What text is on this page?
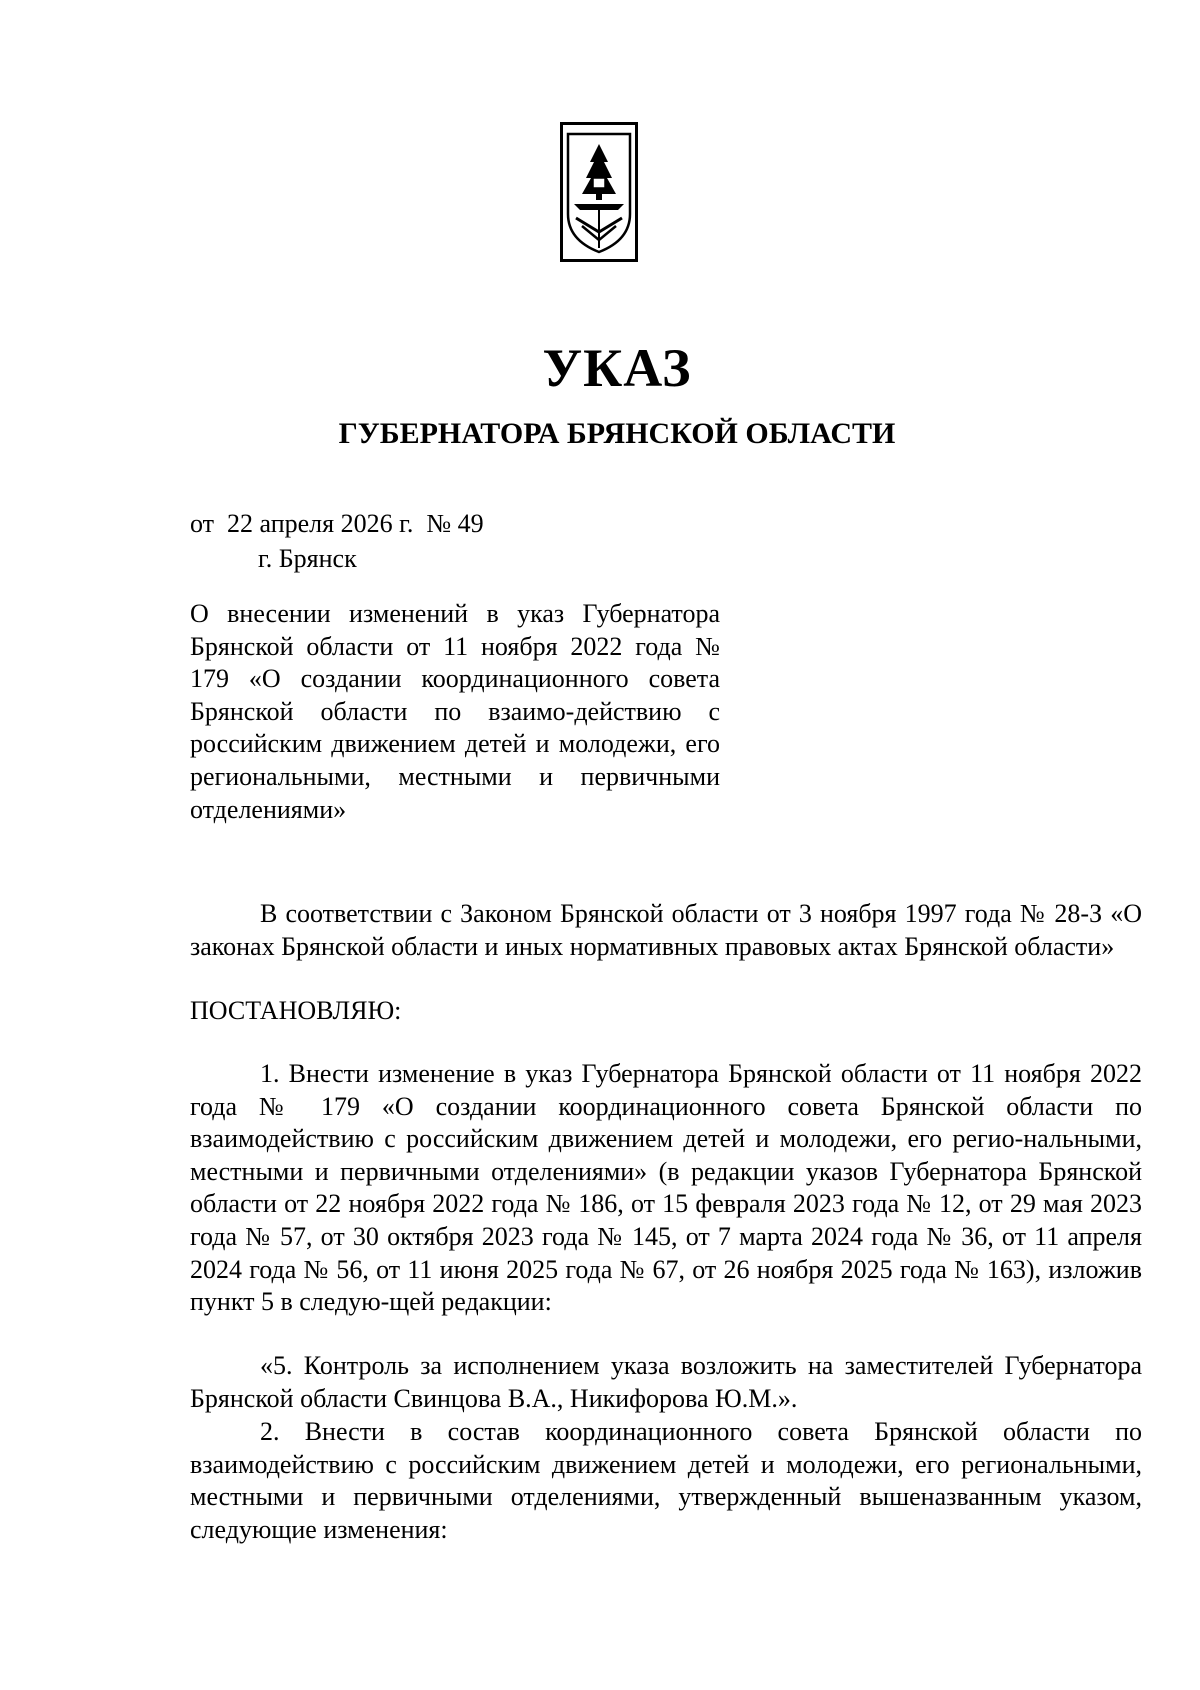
УКАЗ
ГУБЕРНАТОРА БРЯНСКОЙ ОБЛАСТИ
от  22 апреля 2026 г.  № 49
г. Брянск
О внесении изменений в указ Губернатора Брянской области от 11 ноября 2022 года № 179 «О создании координационного совета Брянской области по взаимо-действию с российским движением детей и молодежи, его региональными, местными и первичными отделениями»
В соответствии с Законом Брянской области от 3 ноября 1997 года № 28-З «О законах Брянской области и иных нормативных правовых актах Брянской области»
ПОСТАНОВЛЯЮ:
1. Внести изменение в указ Губернатора Брянской области от 11 ноября 2022 года № 179 «О создании координационного совета Брянской области по взаимодействию с российским движением детей и молодежи, его регио-нальными, местными и первичными отделениями» (в редакции указов Губернатора Брянской области от 22 ноября 2022 года № 186, от 15 февраля 2023 года № 12, от 29 мая 2023 года № 57, от 30 октября 2023 года № 145, от 7 марта 2024 года № 36, от 11 апреля 2024 года № 56, от 11 июня 2025 года № 67, от 26 ноября 2025 года № 163), изложив пункт 5 в следую-щей редакции:
«5. Контроль за исполнением указа возложить на заместителей Губернатора Брянской области Свинцова В.А., Никифорова Ю.М.».
2. Внести в состав координационного совета Брянской области по взаимодействию с российским движением детей и молодежи, его региональными, местными и первичными отделениями, утвержденный вышеназванным указом, следующие изменения:
